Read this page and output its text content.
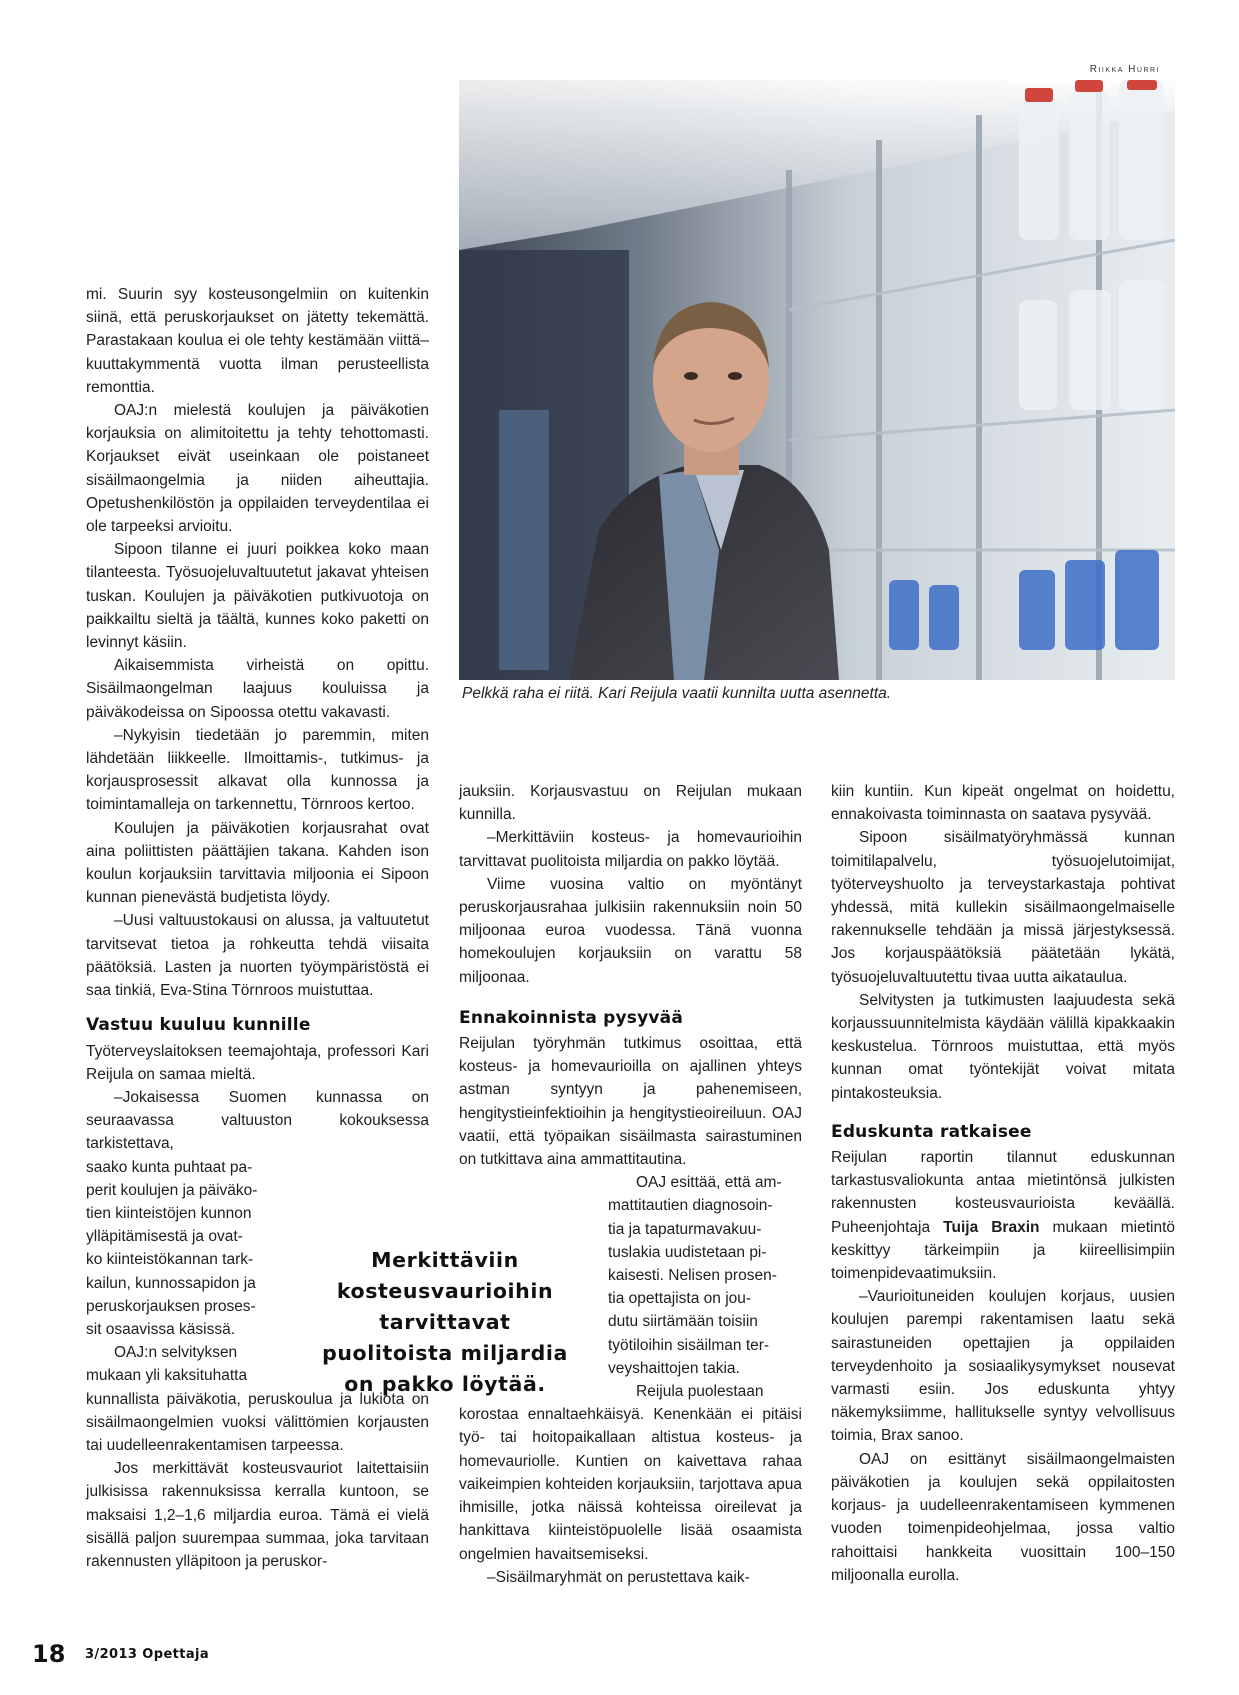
Riikka Hurri
Pelkkä raha ei riitä. Kari Reijula vaatii kunnilta uutta asennetta.

mi. Suurin syy kosteusongelmiin on kuitenkin siinä, että peruskorjaukset on jätetty tekemättä. Parastakaan koulua ei ole tehty kestämään viittä–kuuttakymmentä vuotta ilman perusteellista remonttia.

OAJ:n mielestä koulujen ja päiväkotien korjauksia on alimitoitettu ja tehty tehottomasti. Korjaukset eivät useinkaan ole poistaneet sisäilmaongelmia ja niiden aiheuttajia. Opetushenkilöstön ja oppilaiden terveydentilaa ei ole tarpeeksi arvioitu.

Sipoon tilanne ei juuri poikkea koko maan tilanteesta. Työsuojeluvaltuutetut jakavat yhteisen tuskan. Koulujen ja päiväkotien putkivuotoja on paikkailtu sieltä ja täältä, kunnes koko paketti on levinnyt käsiin.

Aikaisemmista virheistä on opittu. Sisäilmaongelman laajuus kouluissa ja päiväkodeissa on Sipoossa otettu vakavasti.

–Nykyisin tiedetään jo paremmin, miten lähdetään liikkeelle. Ilmoittamis-, tutkimus- ja korjausprosessit alkavat olla kunnossa ja toimintamalleja on tarkennettu, Törnroos kertoo.

Koulujen ja päiväkotien korjausrahat ovat aina poliittisten päättäjien takana. Kahden ison koulun korjauksiin tarvittavia miljoonia ei Sipoon kunnan pienevästä budjetista löydy.

–Uusi valtuustokausi on alussa, ja valtuutetut tarvitsevat tietoa ja rohkeutta tehdä viisaita päätöksiä. Lasten ja nuorten työympäristöstä ei saa tinkiä, Eva-Stina Törnroos muistuttaa.

Vastuu kuuluu kunnille

Työterveyslaitoksen teemajohtaja, professori Kari Reijula on samaa mieltä.

–Jokaisessa Suomen kunnassa on seuraavassa valtuuston kokouksessa tarkistettava,

saako kunta puhtaat pa-
perit koulujen ja päiväko-
tien kiinteistöjen kunnon
ylläpitämisestä ja ovat-
ko kiinteistökannan tark-
kailun, kunnossapidon ja
peruskorjauksen proses-
sit osaavissa käsissä.
OAJ:n selvityksen
mukaan yli kaksituhatta

kunnallista päiväkotia, peruskoulua ja lukiota on sisäilmaongelmien vuoksi välittömien korjausten tai uudelleenrakentamisen tarpeessa.

Jos merkittävät kosteusvauriot laitettaisiin julkisissa rakennuksissa kerralla kuntoon, se maksaisi 1,2–1,6 miljardia euroa. Tämä ei vielä sisällä paljon suurempaa summaa, joka tarvitaan rakennusten ylläpitoon ja peruskor-

jauksiin. Korjausvastuu on Reijulan mukaan kunnilla.

–Merkittäviin kosteus- ja homevaurioihin tarvittavat puolitoista miljardia on pakko löytää.

Viime vuosina valtio on myöntänyt peruskorjausrahaa julkisiin rakennuksiin noin 50 miljoonaa euroa vuodessa. Tänä vuonna homekoulujen korjauksiin on varattu 58 miljoonaa.

Ennakoinnista pysyvää

Reijulan työryhmän tutkimus osoittaa, että kosteus- ja homevaurioilla on ajallinen yhteys astman syntyyn ja pahenemiseen, hengitystieinfektioihin ja hengitystieoireiluun. OAJ vaatii, että työpaikan sisäilmasta sairastuminen on tutkittava aina ammattitautina.

OAJ esittää, että am-
mattitautien diagnosoin-
tia ja tapaturmavakuu-
tuslakia uudistetaan pi-
kaisesti. Nelisen prosen-
tia opettajista on jou-
dutu siirtämään toisiin
työtiloihin sisäilman ter-
veyshaittojen takia.
Reijula puolestaan

korostaa ennaltaehkäisyä. Kenenkään ei pitäisi työ- tai hoitopaikallaan altistua kosteus- ja homevauriolle. Kuntien on kaivettava rahaa vaikeimpien kohteiden korjauksiin, tarjottava apua ihmisille, jotka näissä kohteissa oireilevat ja hankittava kiinteistöpuolelle lisää osaamista ongelmien havaitsemiseksi.

–Sisäilmaryhmät on perustettava kaik-

kiin kuntiin. Kun kipeät ongelmat on hoidettu, ennakoivasta toiminnasta on saatava pysyvää.

Sipoon sisäilmatyöryhmässä kunnan toimitilapalvelu, työsuojelutoimijat, työterveyshuolto ja terveystarkastaja pohtivat yhdessä, mitä kullekin sisäilmaongelmaiselle rakennukselle tehdään ja missä järjestyksessä. Jos korjauspäätöksiä päätetään lykätä, työsuojeluvaltuutettu tivaa uutta aikataulua.

Selvitysten ja tutkimusten laajuudesta sekä korjaussuunnitelmista käydään välillä kipakkaakin keskustelua. Törnroos muistuttaa, että myös kunnan omat työntekijät voivat mitata pintakosteuksia.

Eduskunta ratkaisee

Reijulan raportin tilannut eduskunnan tarkastusvaliokunta antaa mietintönsä julkisten rakennusten kosteusvaurioista keväällä. Puheenjohtaja Tuija Braxin mukaan mietintö keskittyy tärkeimpiin ja kiireellisimpiin toimenpidevaatimuksiin.

–Vaurioituneiden koulujen korjaus, uusien koulujen parempi rakentamisen laatu sekä sairastuneiden opettajien ja oppilaiden terveydenhoito ja sosiaalikysymykset nousevat varmasti esiin. Jos eduskunta yhtyy näkemyksiimme, hallitukselle syntyy velvollisuus toimia, Brax sanoo.

OAJ on esittänyt sisäilmaongelmaisten päiväkotien ja koulujen sekä oppilaitosten korjaus- ja uudelleenrakentamiseen kymmenen vuoden toimenpideohjelmaa, jossa valtio rahoittaisi hankkeita vuosittain 100–150 miljoonalla eurolla.

Merkittäviin
kosteusvaurioihin
tarvittavat
puolitoista miljardia
on pakko löytää.
18 3/2013 Opettaja
